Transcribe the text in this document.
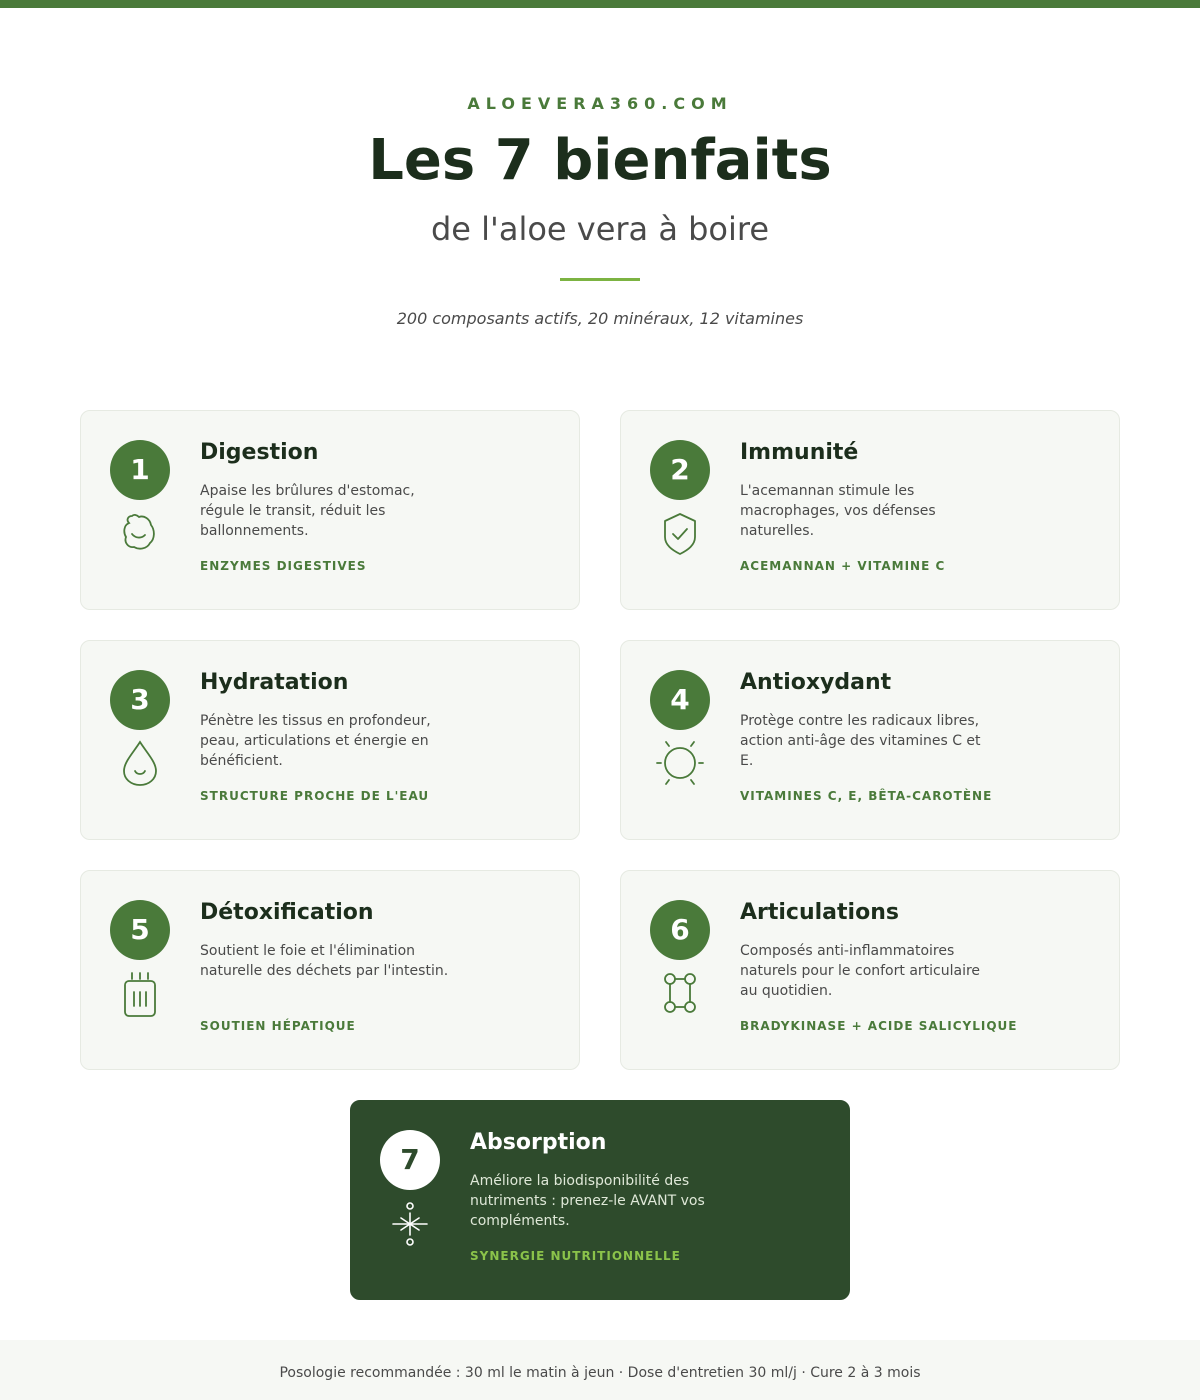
ALOEVERA360.COM
Les 7 bienfaits
de l'aloe vera à boire
200 composants actifs, 20 minéraux, 12 vitamines
1
Digestion
Apaise les brûlures d'estomac, régule le transit, réduit les ballonnements.
ENZYMES DIGESTIVES
2
Immunité
L'acemannan stimule les macrophages, vos défenses naturelles.
ACEMANNAN + VITAMINE C
3
Hydratation
Pénètre les tissus en profondeur, peau, articulations et énergie en bénéficient.
STRUCTURE PROCHE DE L'EAU
4
Antioxydant
Protège contre les radicaux libres, action anti-âge des vitamines C et E.
VITAMINES C, E, BÊTA-CAROTÈNE
5
Détoxification
Soutient le foie et l'élimination naturelle des déchets par l'intestin.
SOUTIEN HÉPATIQUE
6
Articulations
Composés anti-inflammatoires naturels pour le confort articulaire au quotidien.
BRADYKINASE + ACIDE SALICYLIQUE
7
Absorption
Améliore la biodisponibilité des nutriments : prenez-le AVANT vos compléments.
SYNERGIE NUTRITIONNELLE
Posologie recommandée : 30 ml le matin à jeun · Dose d'entretien 30 ml/j · Cure 2 à 3 mois
